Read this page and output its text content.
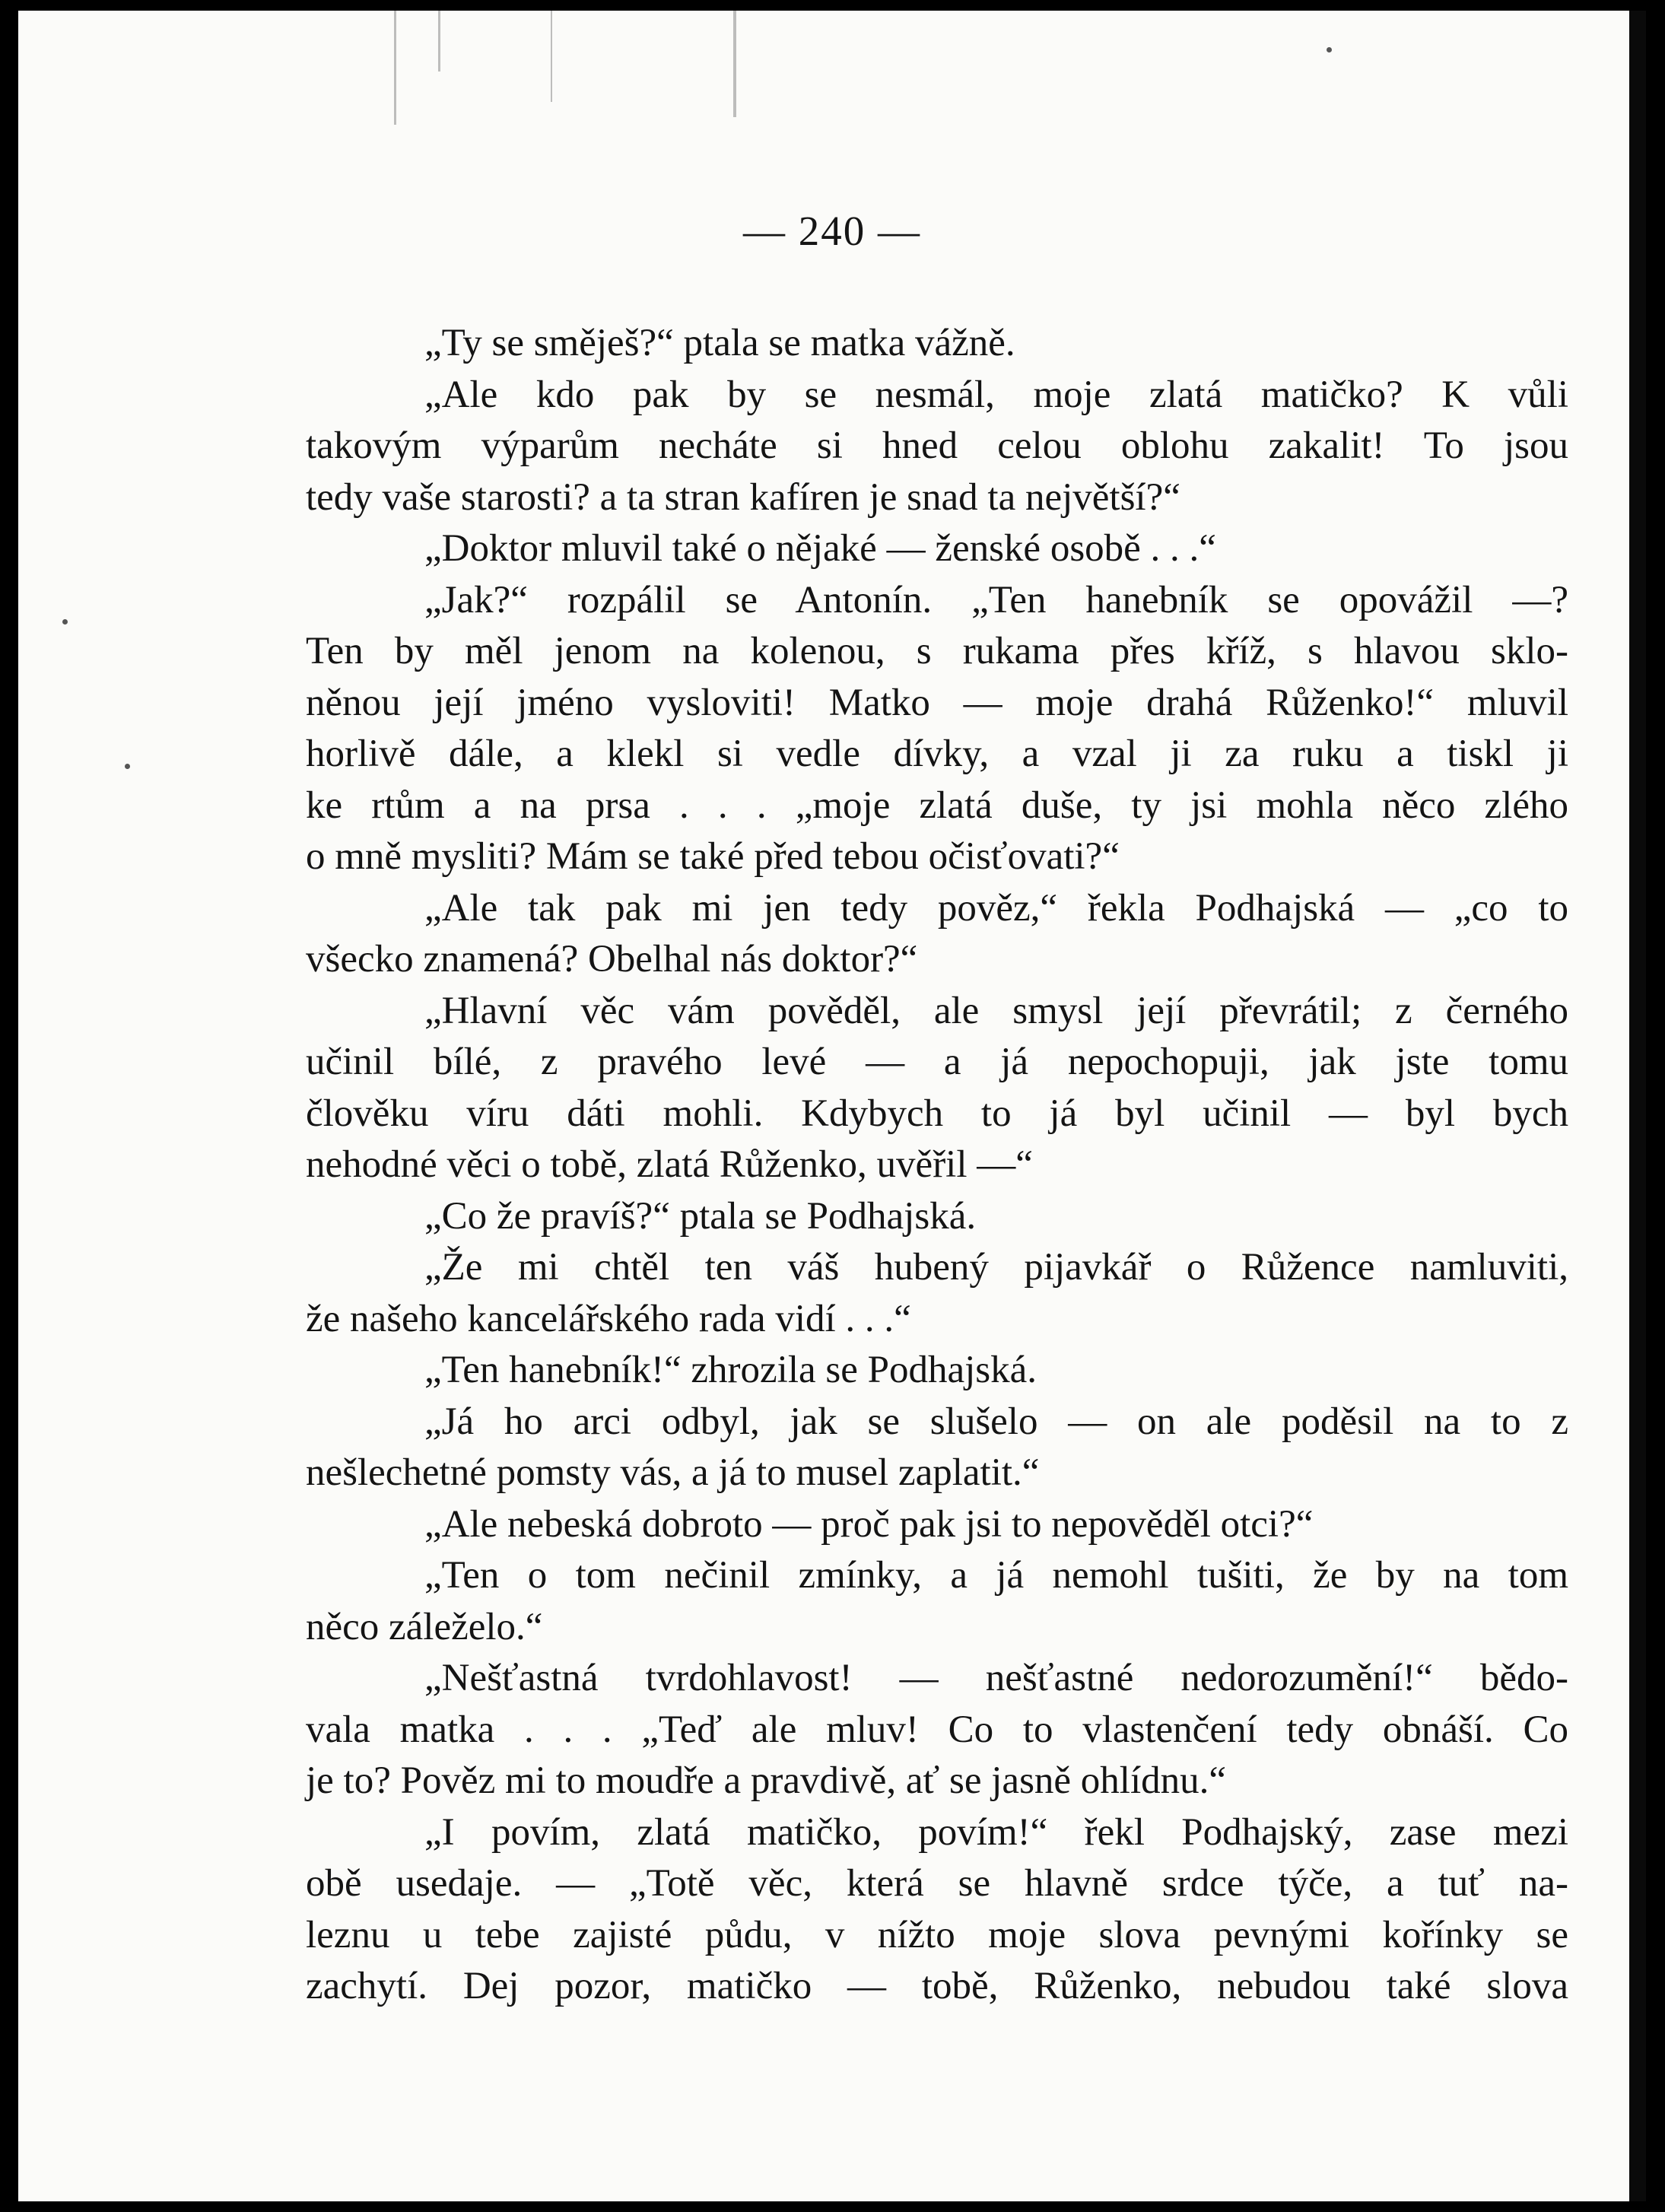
— 240 —
„Ty se směješ?“ ptala se matka vážně.
„Ale kdo pak by se nesmál, moje zlatá matičko? K vůli
takovým výparům necháte si hned celou oblohu zakalit! To jsou
tedy vaše starosti? a ta stran kafíren je snad ta největší?“
„Doktor mluvil také o nějaké — ženské osobě . . .“
„Jak?“ rozpálil se Antonín. „Ten hanebník se opovážil —?
Ten by měl jenom na kolenou, s rukama přes kříž, s hlavou sklo-
něnou její jméno vysloviti! Matko — moje drahá Růženko!“ mluvil
horlivě dále, a klekl si vedle dívky, a vzal ji za ruku a tiskl ji
ke rtům a na prsa . . . „moje zlatá duše, ty jsi mohla něco zlého
o mně mysliti? Mám se také před tebou očisťovati?“
„Ale tak pak mi jen tedy pověz,“ řekla Podhajská — „co to
všecko znamená? Obelhal nás doktor?“
„Hlavní věc vám pověděl, ale smysl její převrátil; z černého
učinil bílé, z pravého levé — a já nepochopuji, jak jste tomu
člověku víru dáti mohli. Kdybych to já byl učinil — byl bych
nehodné věci o tobě, zlatá Růženko, uvěřil —“
„Co že pravíš?“ ptala se Podhajská.
„Že mi chtěl ten váš hubený pijavkář o Růžence namluviti,
že našeho kancelářského rada vidí . . .“
„Ten hanebník!“ zhrozila se Podhajská.
„Já ho arci odbyl, jak se slušelo — on ale poděsil na to z
nešlechetné pomsty vás, a já to musel zaplatit.“
„Ale nebeská dobroto — proč pak jsi to nepověděl otci?“
„Ten o tom nečinil zmínky, a já nemohl tušiti, že by na tom
něco záleželo.“
„Nešťastná tvrdohlavost! — nešťastné nedorozumění!“ bědo-
vala matka . . . „Teď ale mluv! Co to vlastenčení tedy obnáší. Co
je to? Pověz mi to moudře a pravdivě, ať se jasně ohlídnu.“
„I povím, zlatá matičko, povím!“ řekl Podhajský, zase mezi
obě usedaje. — „Totě věc, která se hlavně srdce týče, a tuť na-
leznu u tebe zajisté půdu, v nížto moje slova pevnými kořínky se
zachytí. Dej pozor, matičko — tobě, Růženko, nebudou také slova
